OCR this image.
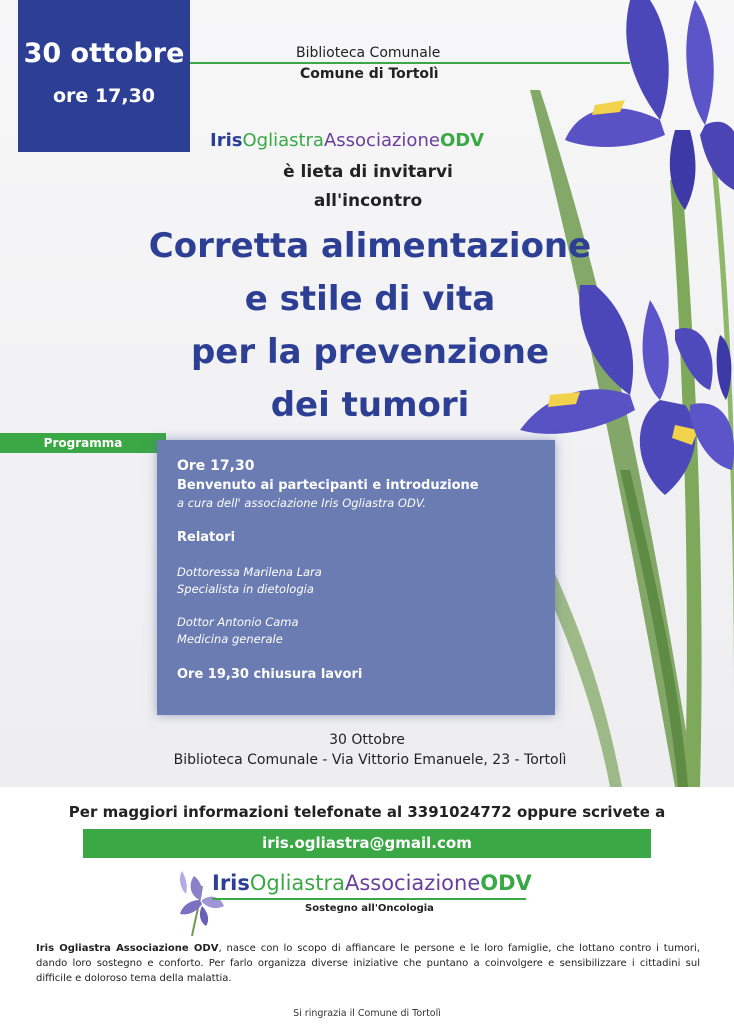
30 ottobre
ore 17,30
Biblioteca Comunale
Comune di Tortolì
IrisOgliastraAssociazioneODV
è lieta di invitarvi
all'incontro
Corretta alimentazione
e stile di vita
per la prevenzione
dei tumori
Programma
Ore 17,30
Benvenuto ai partecipanti e introduzione
a cura dell' associazione Iris Ogliastra ODV.
Relatori
Dottoressa Marilena Lara
Specialista in dietologia
Dottor Antonio Cama
Medicina generale
Ore 19,30 chiusura lavori
30 Ottobre
Biblioteca Comunale - Via Vittorio Emanuele, 23 - Tortolì
Per maggiori informazioni telefonate al 3391024772 oppure scrivete a
iris.ogliastra@gmail.com
IrisOgliastraAssociazioneODV
Sostegno all'Oncologia
Iris Ogliastra Associazione ODV, nasce con lo scopo di affiancare le persone e le loro famiglie, che lottano contro i tumori, dando loro sostegno e conforto. Per farlo organizza diverse iniziative che puntano a coinvolgere e sensibilizzare i cittadini sul difficile e doloroso tema della malattia.
Si ringrazia il Comune di Tortolì
